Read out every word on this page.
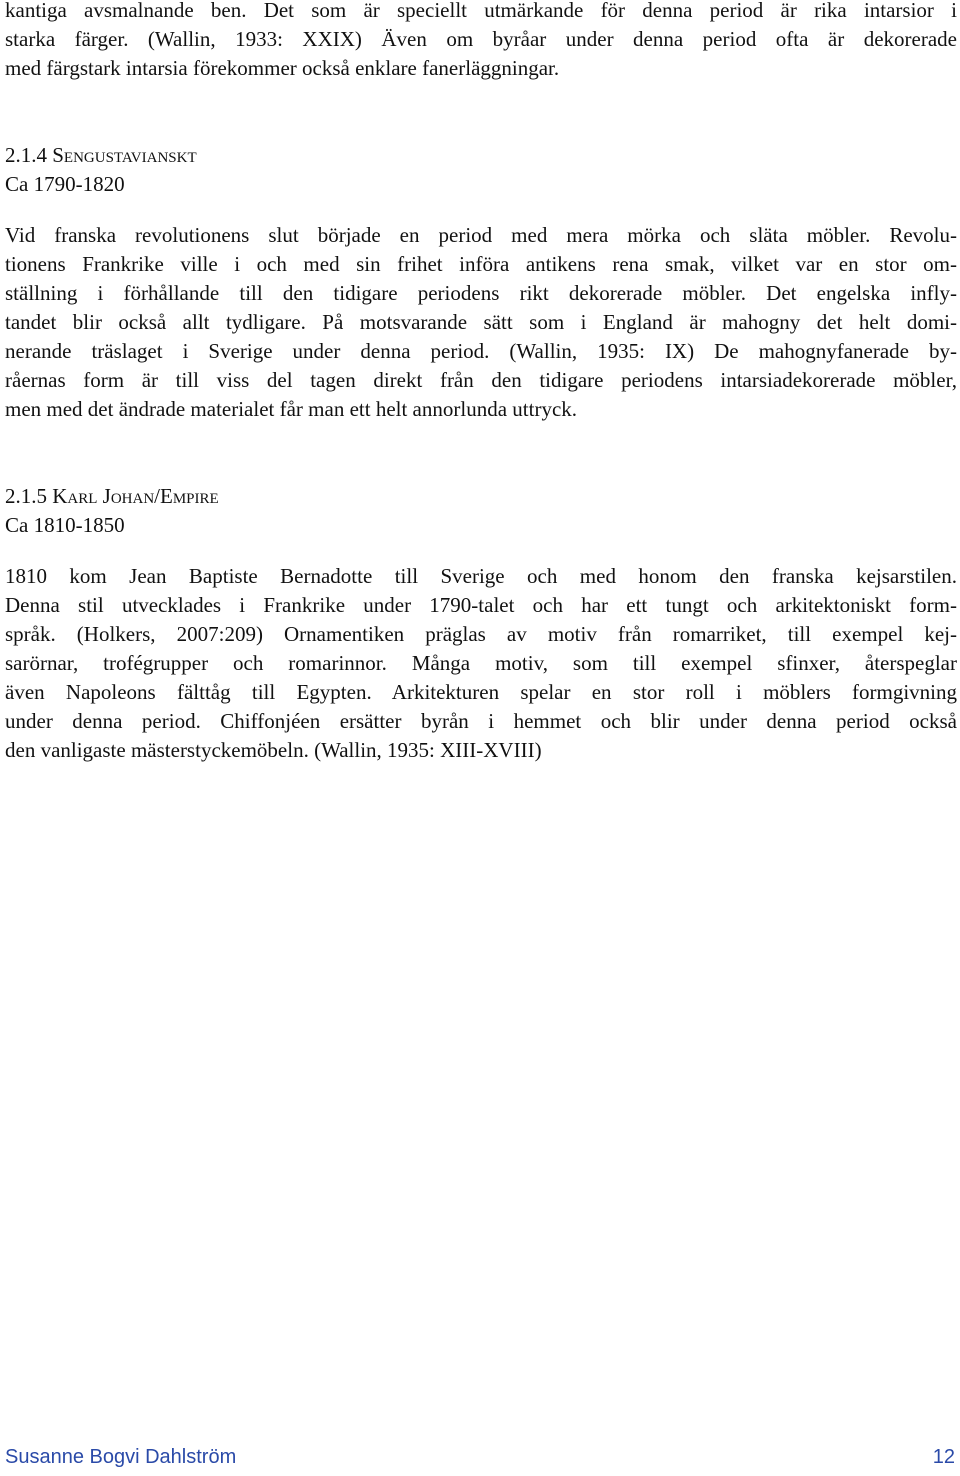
kantiga avsmalnande ben. Det som är speciellt utmärkande för denna period är rika intarsior i
starka färger. (Wallin, 1933: XXIX) Även om byråar under denna period ofta är dekorerade
med färgstark intarsia förekommer också enklare fanerläggningar.
2.1.4 Sengustavianskt
Ca 1790-1820
Vid franska revolutionens slut började en period med mera mörka och släta möbler. Revolu-
tionens Frankrike ville i och med sin frihet införa antikens rena smak, vilket var en stor om-
ställning i förhållande till den tidigare periodens rikt dekorerade möbler. Det engelska infly-
tandet blir också allt tydligare. På motsvarande sätt som i England är mahogny det helt domi-
nerande träslaget i Sverige under denna period. (Wallin, 1935: IX) De mahognyfanerade by-
råernas form är till viss del tagen direkt från den tidigare periodens intarsiadekorerade möbler,
men med det ändrade materialet får man ett helt annorlunda uttryck.
2.1.5 Karl Johan/Empire
Ca 1810-1850
1810 kom Jean Baptiste Bernadotte till Sverige och med honom den franska kejsarstilen.
Denna stil utvecklades i Frankrike under 1790-talet och har ett tungt och arkitektoniskt form-
språk. (Holkers, 2007:209) Ornamentiken präglas av motiv från romarriket, till exempel kej-
sarörnar, trofégrupper och romarinnor. Många motiv, som till exempel sfinxer, återspeglar
även Napoleons fälttåg till Egypten. Arkitekturen spelar en stor roll i möblers formgivning
under denna period. Chiffonjéen ersätter byrån i hemmet och blir under denna period också
den vanligaste mästerstyckemöbeln. (Wallin, 1935: XIII-XVIII)
Susanne Bogvi Dahlström	12
